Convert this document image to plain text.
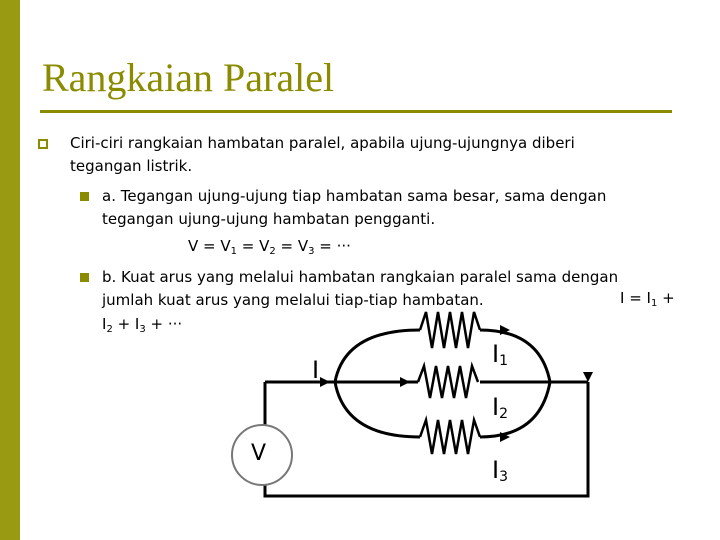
Rangkaian Paralel
Ciri-ciri rangkaian hambatan paralel, apabila ujung-ujungnya diberi
tegangan listrik.
a. Tegangan ujung-ujung tiap hambatan sama besar, sama dengan
tegangan ujung-ujung hambatan pengganti.
$V = V_1 = V_2 = V_3$ = ···
b. Kuat arus yang melalui hambatan rangkaian paralel sama dengan
jumlah kuat arus yang melalui tiap-tiap hambatan.	$I = I_1$ +
$I_2 + I_3$ + ···
V
I
$I_1$
$I_2$
$I_3$
